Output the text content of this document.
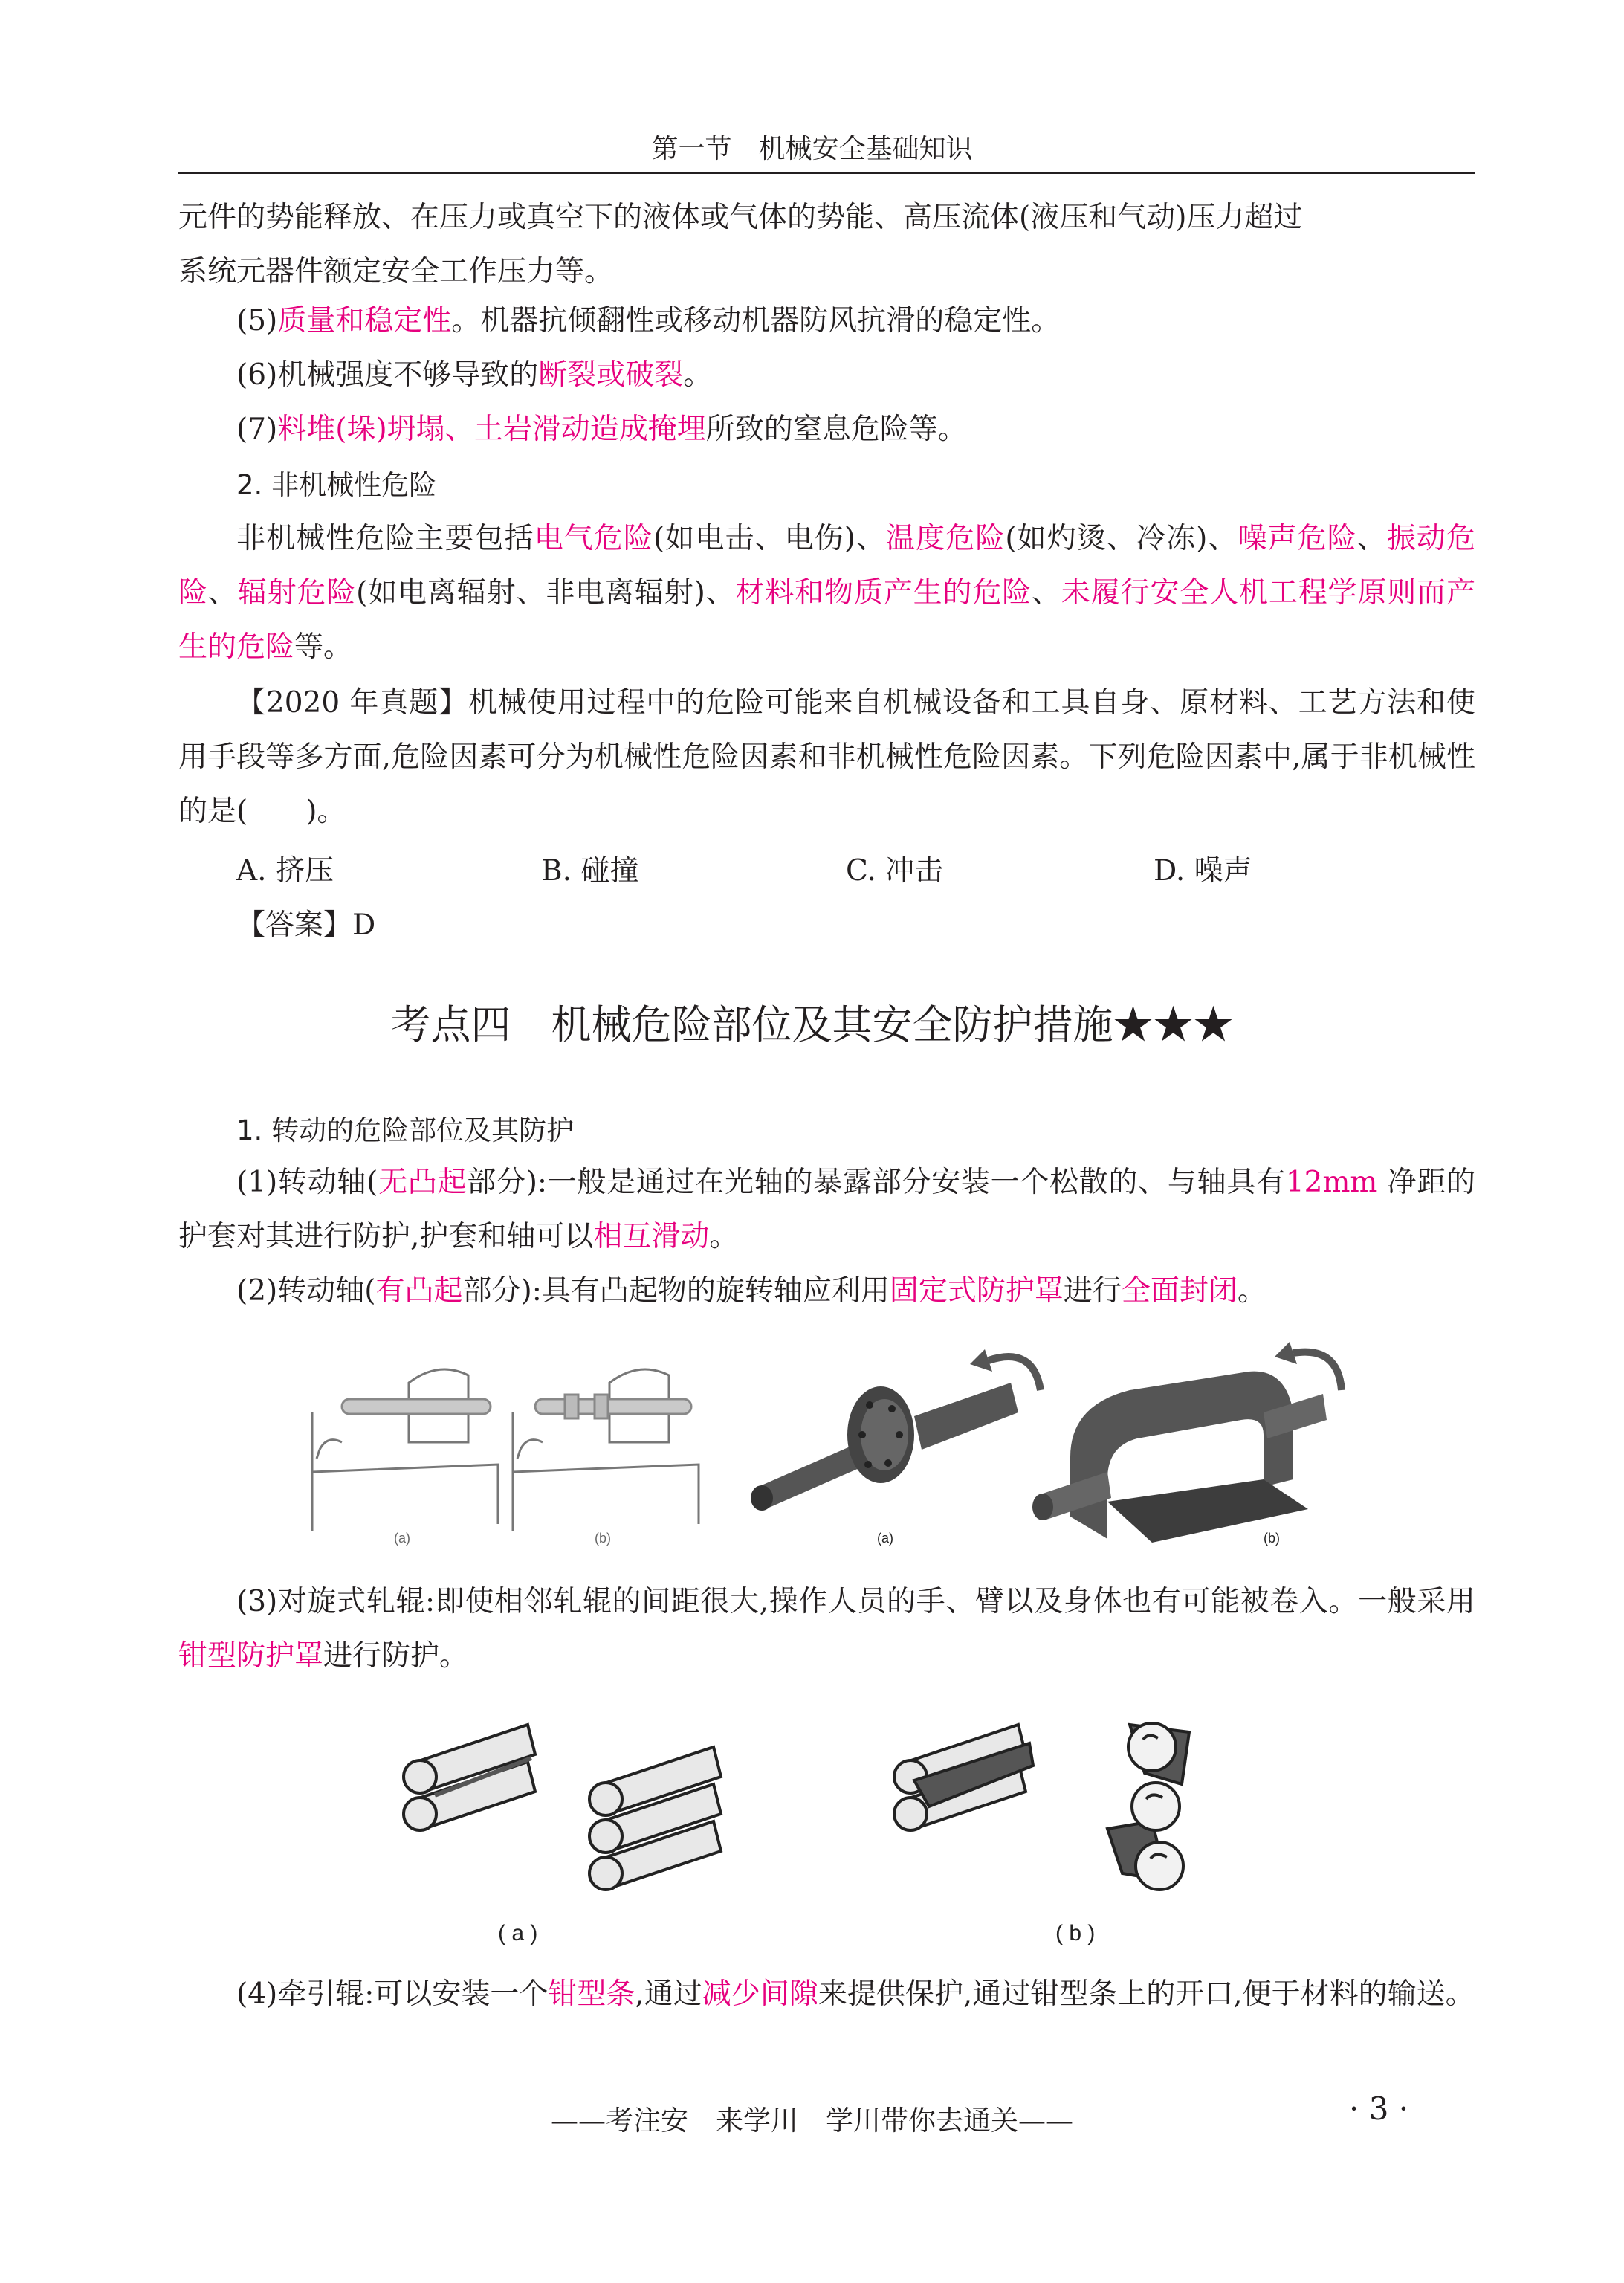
第一节　机械安全基础知识
元件的势能释放、在压力或真空下的液体或气体的势能、高压流体(液压和气动)压力超过
系统元器件额定安全工作压力等。
(5)质量和稳定性。机器抗倾翻性或移动机器防风抗滑的稳定性。
(6)机械强度不够导致的断裂或破裂。
(7)料堆(垛)坍塌、土岩滑动造成掩埋所致的窒息危险等。
2. 非机械性危险
非机械性危险主要包括电气危险(如电击、电伤)、温度危险(如灼烫、冷冻)、噪声危险、振动危险、辐射危险(如电离辐射、非电离辐射)、材料和物质产生的危险、未履行安全人机工程学原则而产生的危险等。
【2020 年真题】机械使用过程中的危险可能来自机械设备和工具自身、原材料、工艺方法和使用手段等多方面,危险因素可分为机械性危险因素和非机械性危险因素。下列危险因素中,属于非机械性的是(　　)。
A. 挤压	B. 碰撞	C. 冲击	D. 噪声
【答案】D
考点四　机械危险部位及其安全防护措施★★★
1. 转动的危险部位及其防护
(1)转动轴(无凸起部分):一般是通过在光轴的暴露部分安装一个松散的、与轴具有12mm 净距的护套对其进行防护,护套和轴可以相互滑动。
(2)转动轴(有凸起部分):具有凸起物的旋转轴应利用固定式防护罩进行全面封闭。
(a)	(b)	(a)	(b)
(3)对旋式轧辊:即使相邻轧辊的间距很大,操作人员的手、臂以及身体也有可能被卷入。一般采用钳型防护罩进行防护。
( a )	( b )
(4)牵引辊:可以安装一个钳型条,通过减少间隙来提供保护,通过钳型条上的开口,便于材料的输送。
——考注安　来学川　学川带你去通关——	· 3 ·
